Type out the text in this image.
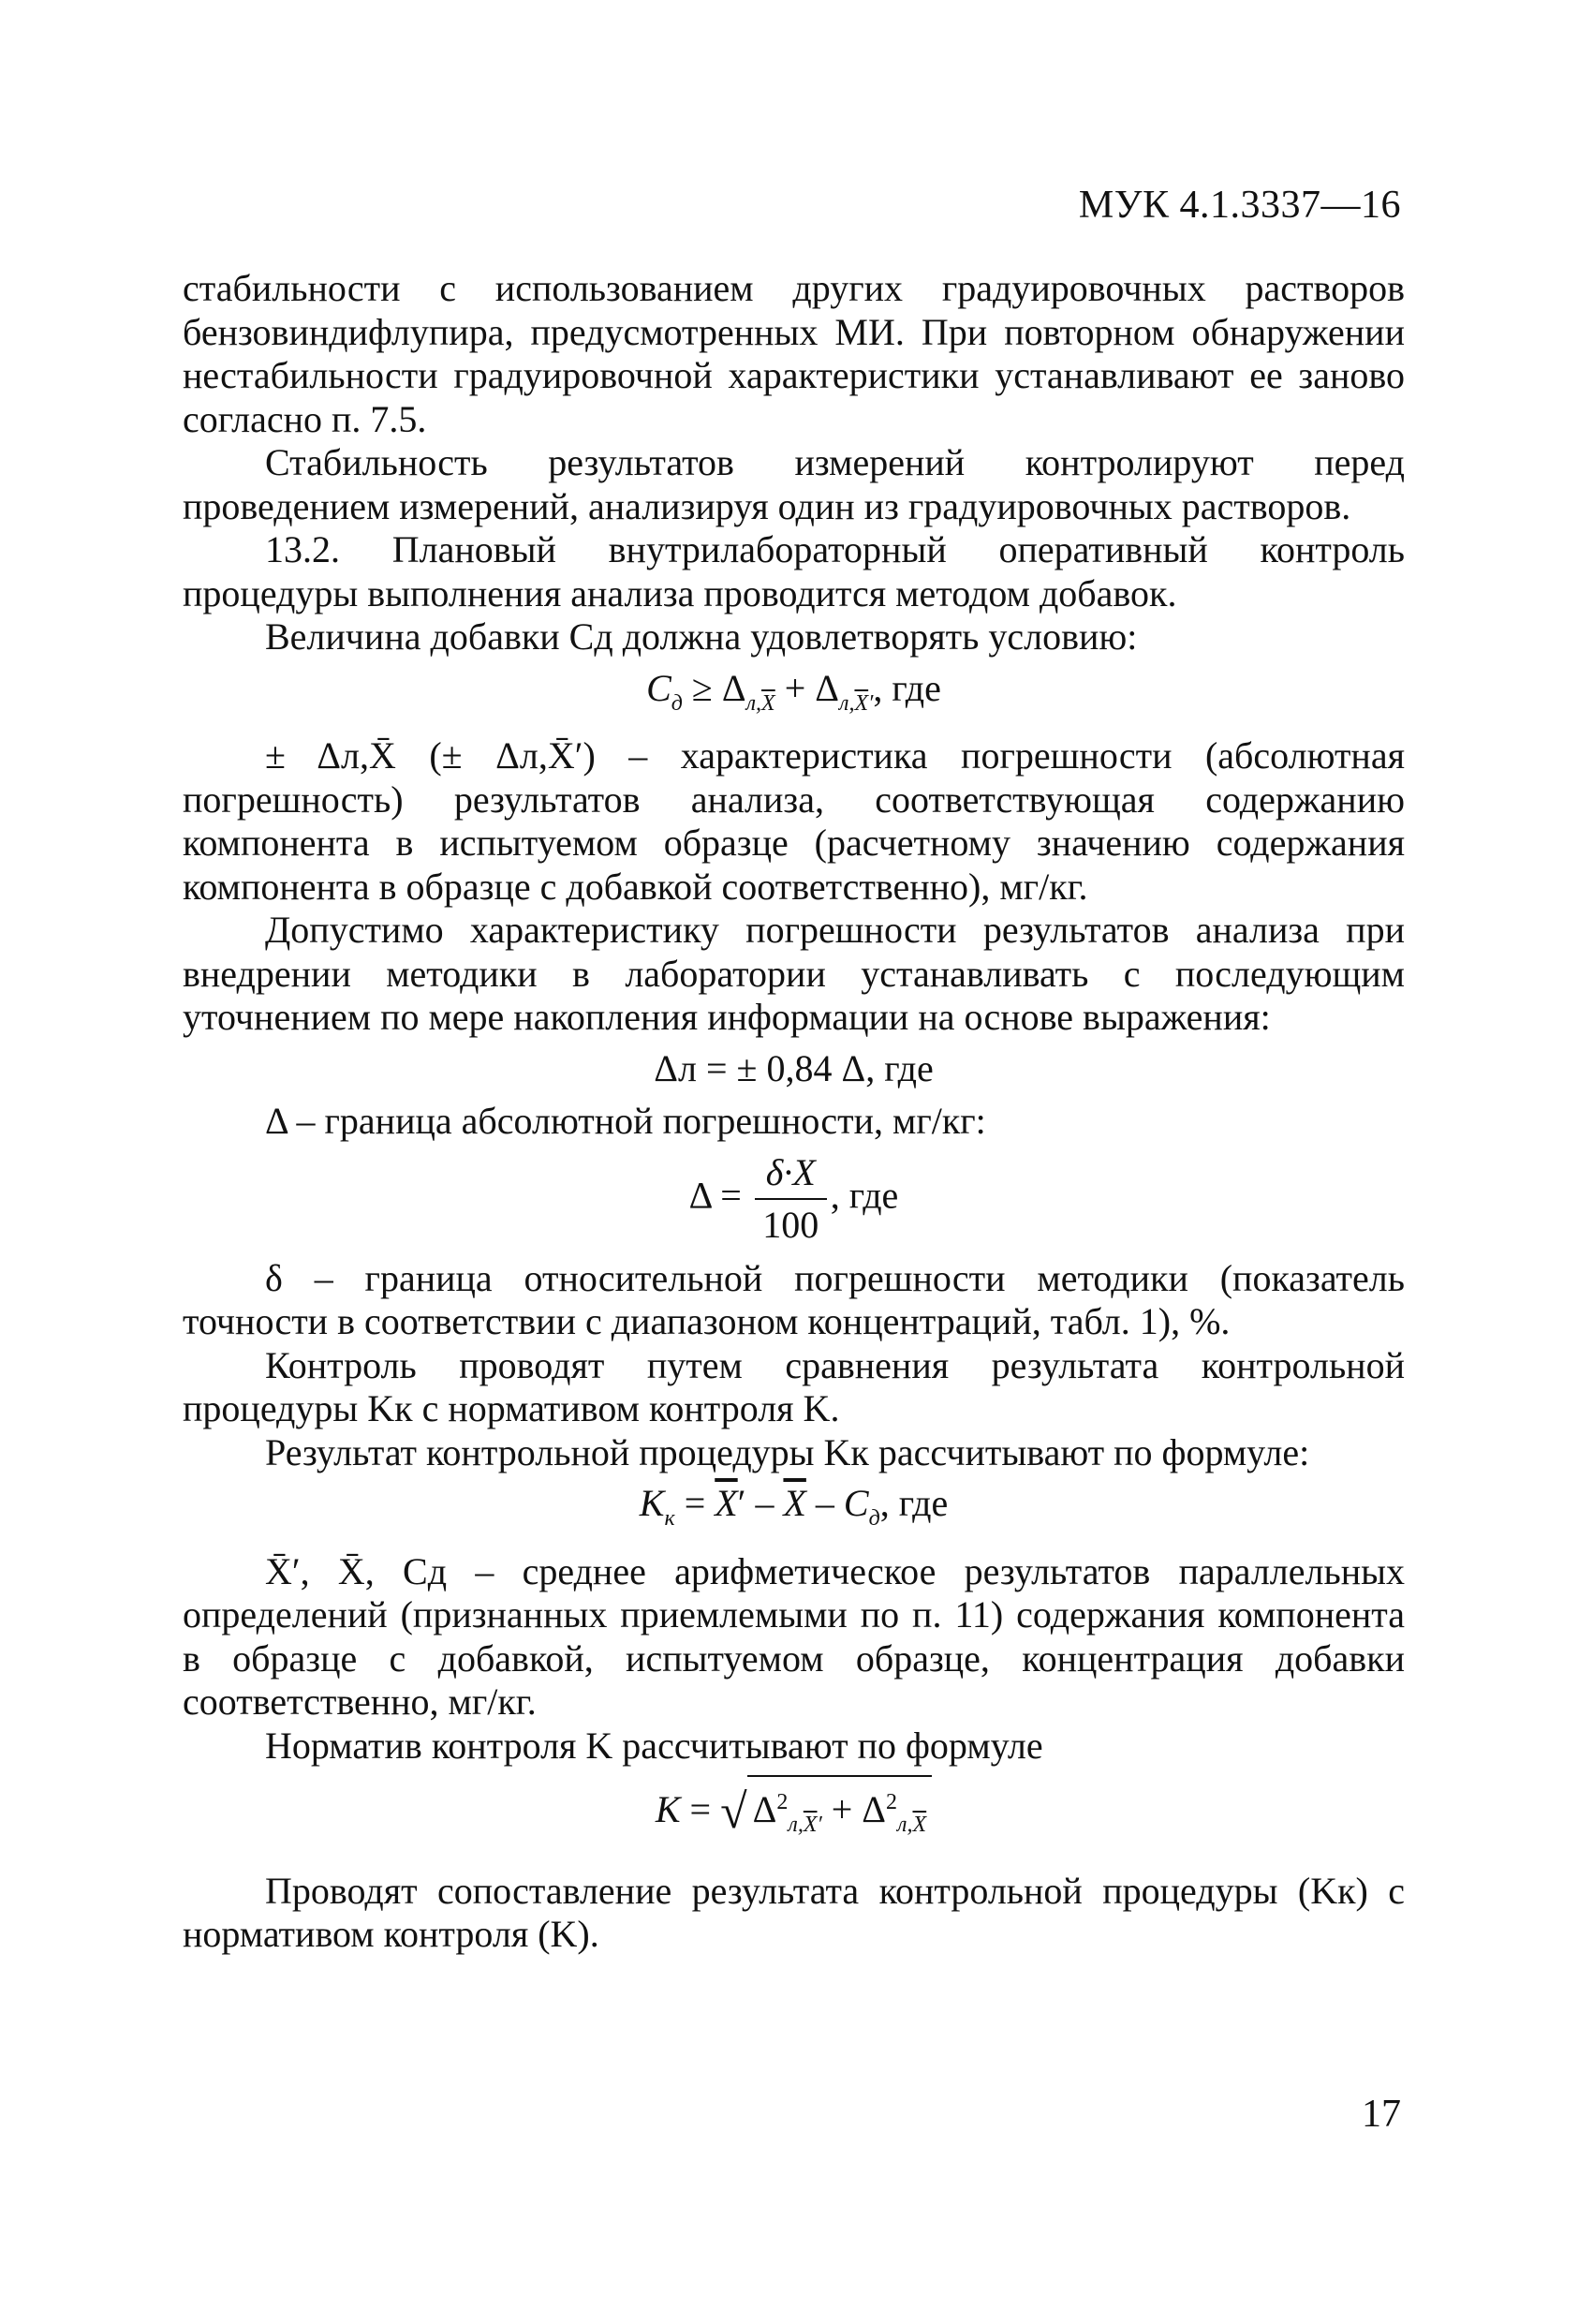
МУК 4.1.3337—16

стабильности с использованием других градуировочных растворов бензовиндифлупира, предусмотренных МИ. При повторном обнаружении нестабильности градуировочной характеристики устанавливают ее заново согласно п. 7.5.

Стабильность результатов измерений контролируют перед проведением измерений, анализируя один из градуировочных растворов.

13.2. Плановый внутрилабораторный оперативный контроль процедуры выполнения анализа проводится методом добавок.

Величина добавки Cд должна удовлетворять условию:

$C_д \ge \Delta_{л,\overline{X}} + \Delta_{л,\overline{X}'}$, где

± Δл,X̄ (± Δл,X̄′) – характеристика погрешности (абсолютная погрешность) результатов анализа, соответствующая содержанию компонента в испытуемом образце (расчетному значению содержания компонента в образце с добавкой соответственно), мг/кг.

Допустимо характеристику погрешности результатов анализа при внедрении методики в лаборатории устанавливать с последующим уточнением по мере накопления информации на основе выражения:

Δл = ± 0,84 Δ, где

Δ – граница абсолютной погрешности, мг/кг:

$\Delta = \frac{\delta\cdot X}{100}$ , где

δ – граница относительной погрешности методики (показатель точности в соответствии с диапазоном концентраций, табл. 1), %.

Контроль проводят путем сравнения результата контрольной процедуры Kк с нормативом контроля K.

Результат контрольной процедуры Kк рассчитывают по формуле:

$K_к = \overline{X}' - \overline{X} - C_д$, где

X̄′, X̄, Cд – среднее арифметическое результатов параллельных определений (признанных приемлемыми по п. 11) содержания компонента в образце с добавкой, испытуемом образце, концентрация добавки соответственно, мг/кг.

Норматив контроля K рассчитывают по формуле

K = √ $\Delta^2_{л,\overline{X}'} + \Delta^2_{л,\overline{X}}$

Проводят сопоставление результата контрольной процедуры (Kк) с нормативом контроля (K).

17
